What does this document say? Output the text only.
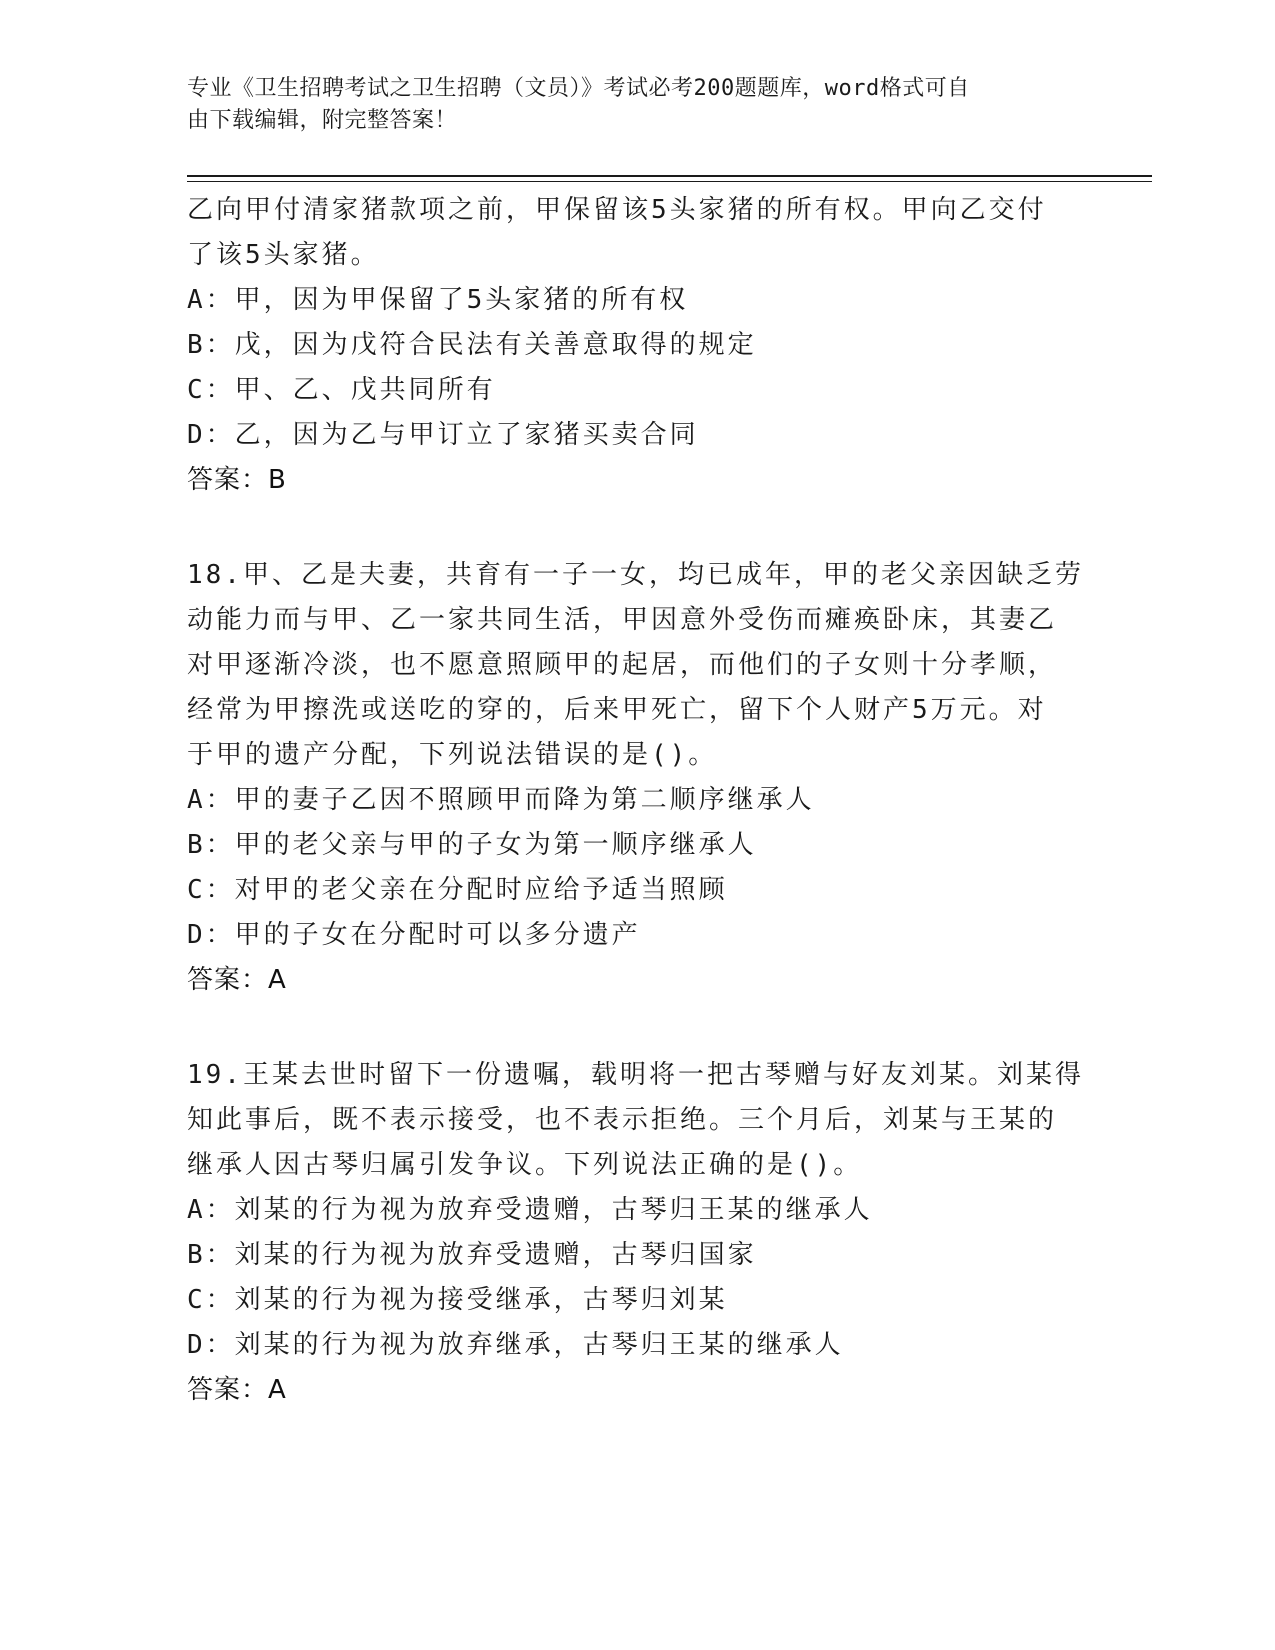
专业《卫生招聘考试之卫生招聘（文员）》考试必考200题题库，word格式可自
由下载编辑，附完整答案！
乙向甲付清家猪款项之前，甲保留该5头家猪的所有权。甲向乙交付
了该5头家猪。
A：甲，因为甲保留了5头家猪的所有权
B：戊，因为戊符合民法有关善意取得的规定
C：甲、乙、戊共同所有
D：乙，因为乙与甲订立了家猪买卖合同
答案：B
18.甲、乙是夫妻，共育有一子一女，均已成年，甲的老父亲因缺乏劳
动能力而与甲、乙一家共同生活，甲因意外受伤而瘫痪卧床，其妻乙
对甲逐渐冷淡，也不愿意照顾甲的起居，而他们的子女则十分孝顺，
经常为甲擦洗或送吃的穿的，后来甲死亡，留下个人财产5万元。对
于甲的遗产分配，下列说法错误的是()。
A：甲的妻子乙因不照顾甲而降为第二顺序继承人
B：甲的老父亲与甲的子女为第一顺序继承人
C：对甲的老父亲在分配时应给予适当照顾
D：甲的子女在分配时可以多分遗产
答案：A
19.王某去世时留下一份遗嘱，载明将一把古琴赠与好友刘某。刘某得
知此事后，既不表示接受，也不表示拒绝。三个月后，刘某与王某的
继承人因古琴归属引发争议。下列说法正确的是()。
A：刘某的行为视为放弃受遗赠，古琴归王某的继承人
B：刘某的行为视为放弃受遗赠，古琴归国家
C：刘某的行为视为接受继承，古琴归刘某
D：刘某的行为视为放弃继承，古琴归王某的继承人
答案：A
